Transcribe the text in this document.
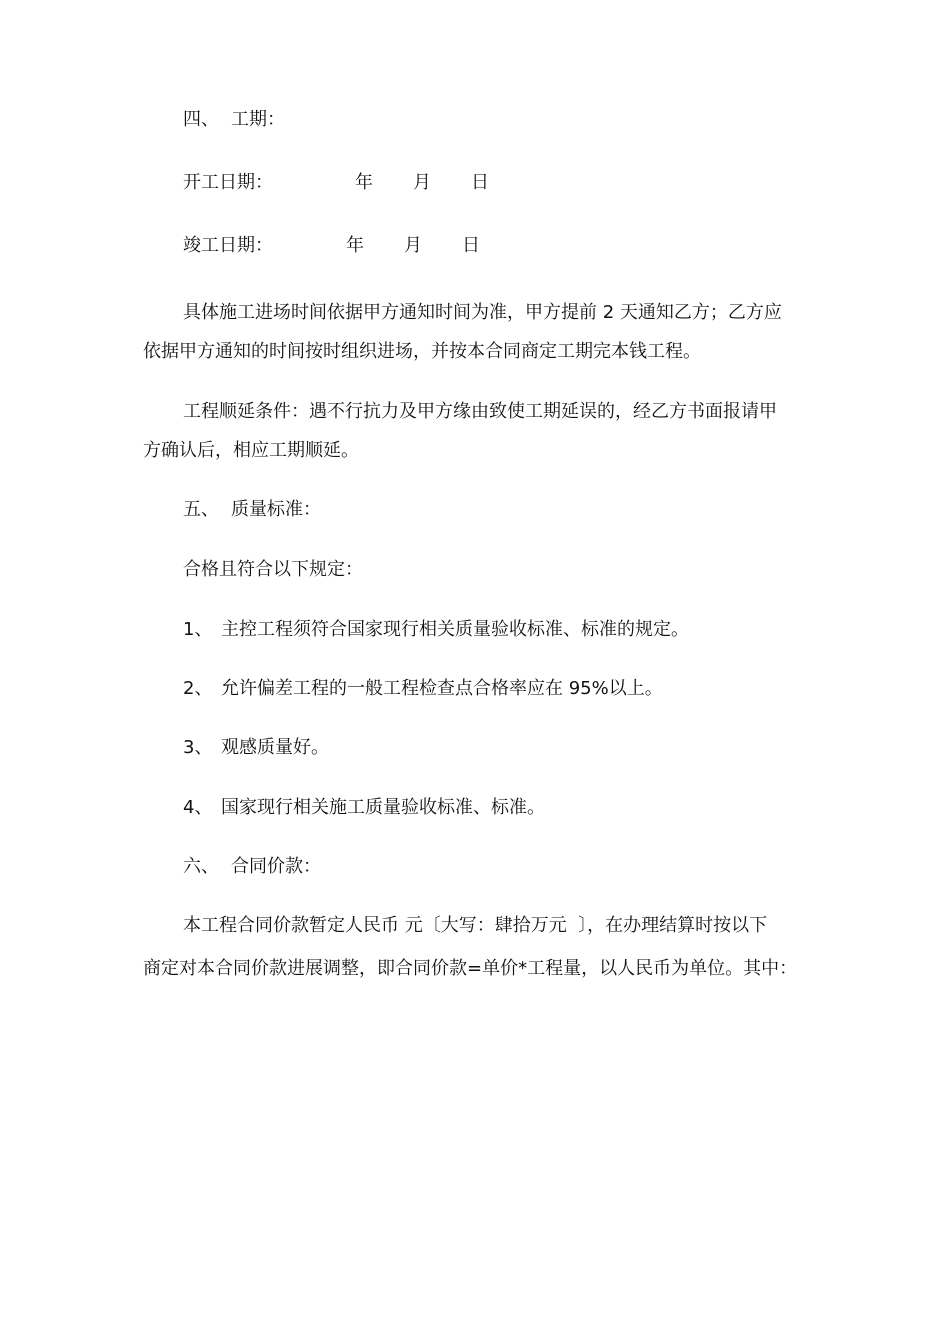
四、 工期：
开工日期：	年 月 日
竣工日期：	年 月 日
具体施工进场时间依据甲方通知时间为准，甲方提前 2 天通知乙方；乙方应
依据甲方通知的时间按时组织进场，并按本合同商定工期完本钱工程。
工程顺延条件：遇不行抗力及甲方缘由致使工期延误的，经乙方书面报请甲
方确认后，相应工期顺延。
五、 质量标准：
合格且符合以下规定：
1、 主控工程须符合国家现行相关质量验收标准、标准的规定。
2、 允许偏差工程的一般工程检查点合格率应在 95%以上。
3、 观感质量好。
4、 国家现行相关施工质量验收标准、标准。
六、 合同价款：
本工程合同价款暂定人民币 元〔大写：肆拾万元  〕，在办理结算时按以下
商定对本合同价款进展调整，即合同价款=单价*工程量，以人民币为单位。其中：
